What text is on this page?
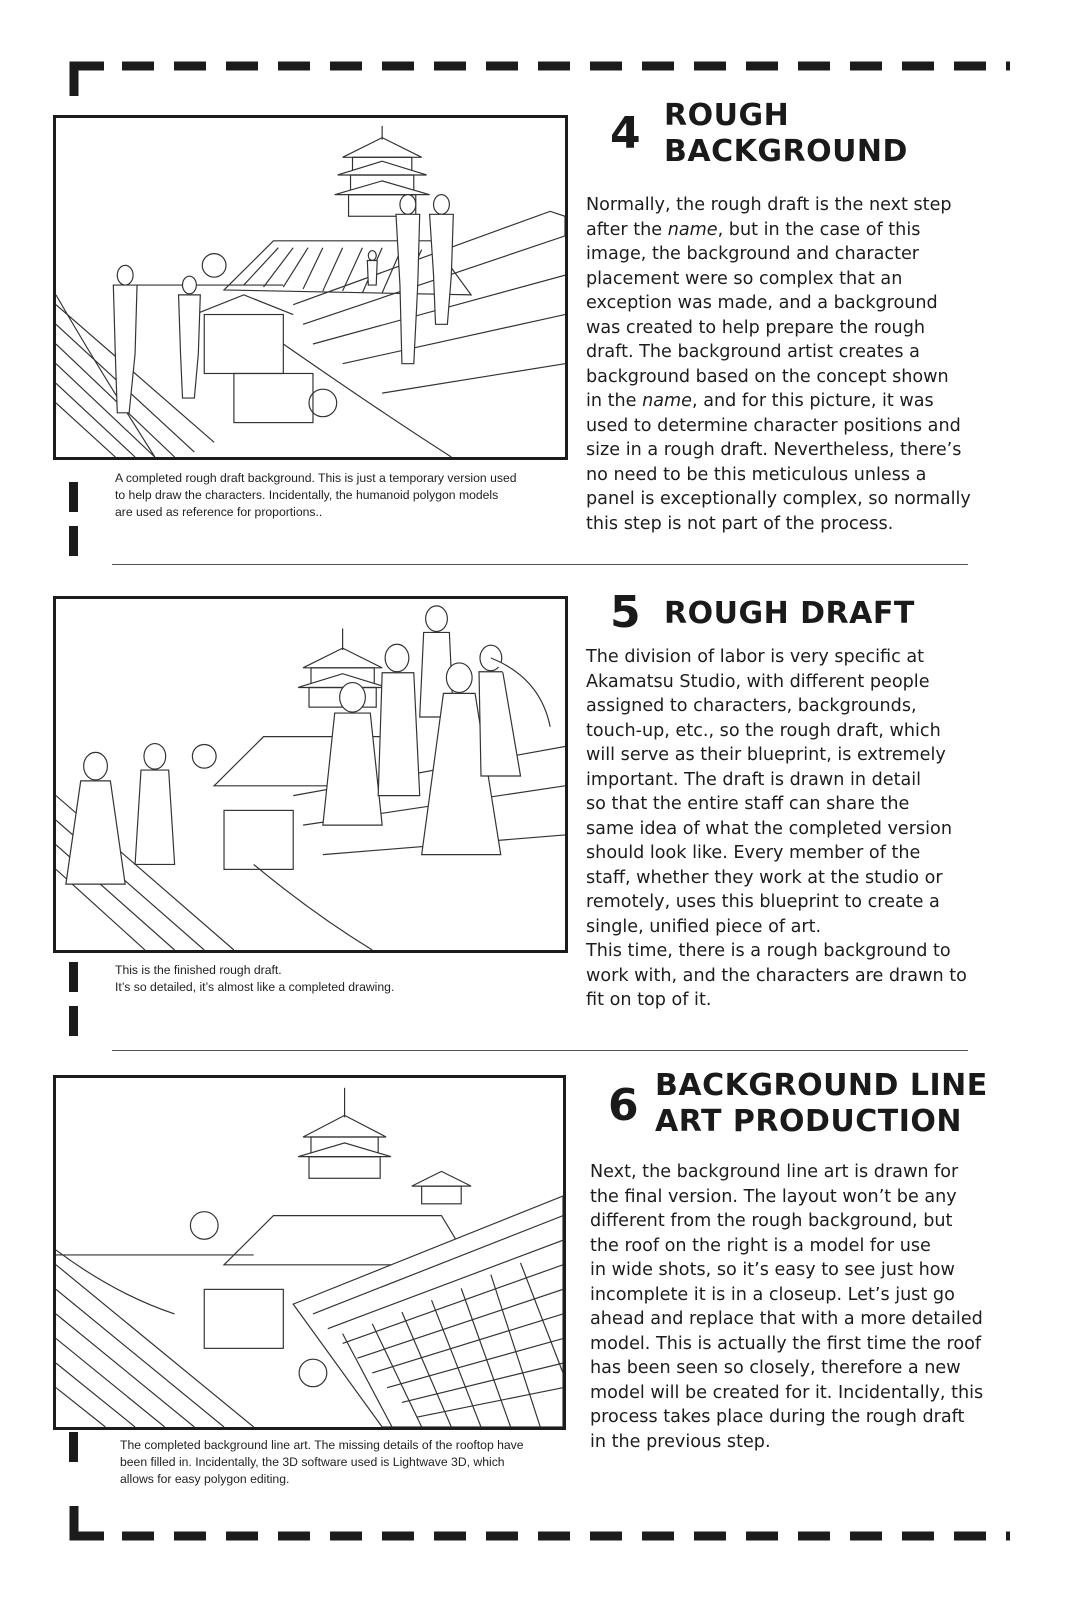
A completed rough draft background. This is just a temporary version used
to help draw the characters. Incidentally, the humanoid polygon models
are used as reference for proportions..
4 ROUGH
BACKGROUND
Normally, the rough draft is the next step
after the name, but in the case of this
image, the background and character
placement were so complex that an
exception was made, and a background
was created to help prepare the rough
draft. The background artist creates a
background based on the concept shown
in the name, and for this picture, it was
used to determine character positions and
size in a rough draft. Nevertheless, there’s
no need to be this meticulous unless a
panel is exceptionally complex, so normally
this step is not part of the process.
This is the finished rough draft.
It’s so detailed, it’s almost like a completed drawing.
5 ROUGH DRAFT
The division of labor is very specific at
Akamatsu Studio, with different people
assigned to characters, backgrounds,
touch-up, etc., so the rough draft, which
will serve as their blueprint, is extremely
important. The draft is drawn in detail
so that the entire staff can share the
same idea of what the completed version
should look like. Every member of the
staff, whether they work at the studio or
remotely, uses this blueprint to create a
single, unified piece of art.
This time, there is a rough background to
work with, and the characters are drawn to
fit on top of it.
The completed background line art. The missing details of the rooftop have
been filled in. Incidentally, the 3D software used is Lightwave 3D, which
allows for easy polygon editing.
6 BACKGROUND LINE
ART PRODUCTION
Next, the background line art is drawn for
the final version. The layout won’t be any
different from the rough background, but
the roof on the right is a model for use
in wide shots, so it’s easy to see just how
incomplete it is in a closeup. Let’s just go
ahead and replace that with a more detailed
model. This is actually the first time the roof
has been seen so closely, therefore a new
model will be created for it. Incidentally, this
process takes place during the rough draft
in the previous step.
